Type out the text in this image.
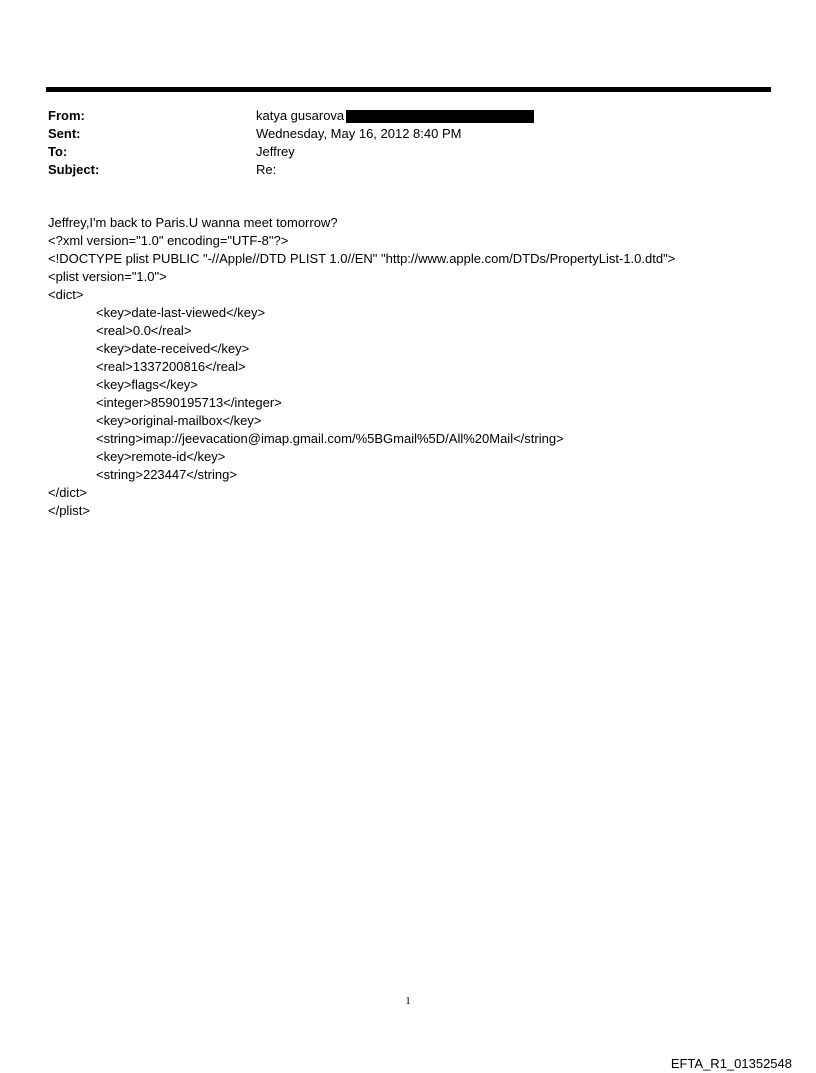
From:	katya gusarova
Sent:	Wednesday, May 16, 2012 8:40 PM
To:	Jeffrey
Subject:	Re:
Jeffrey,I'm back to Paris.U wanna meet tomorrow?
<?xml version="1.0" encoding="UTF-8"?>
<!DOCTYPE plist PUBLIC "-//Apple//DTD PLIST 1.0//EN" "http://www.apple.com/DTDs/PropertyList-1.0.dtd">
<plist version="1.0">
<dict>
<key>date-last-viewed</key>
<real>0.0</real>
<key>date-received</key>
<real>1337200816</real>
<key>flags</key>
<integer>8590195713</integer>
<key>original-mailbox</key>
<string>imap://jeevacation@imap.gmail.com/%5BGmail%5D/All%20Mail</string>
<key>remote-id</key>
<string>223447</string>
</dict>
</plist>
1
EFTA_R1_01352548
